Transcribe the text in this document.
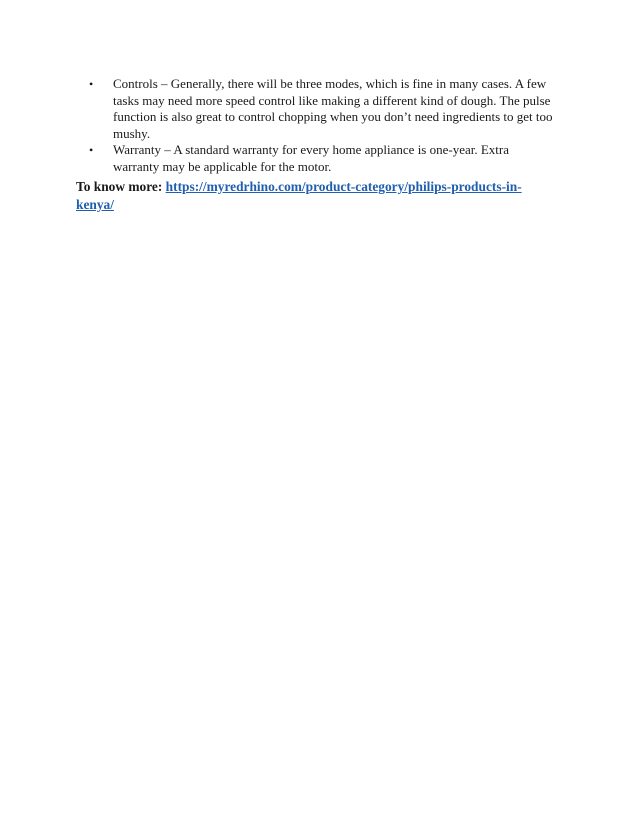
• Controls – Generally, there will be three modes, which is fine in many cases. A few tasks may need more speed control like making a different kind of dough. The pulse function is also great to control chopping when you don’t need ingredients to get too mushy.
• Warranty – A standard warranty for every home appliance is one-year. Extra warranty may be applicable for the motor.

To know more: https://myredrhino.com/product-category/philips-products-in-kenya/
